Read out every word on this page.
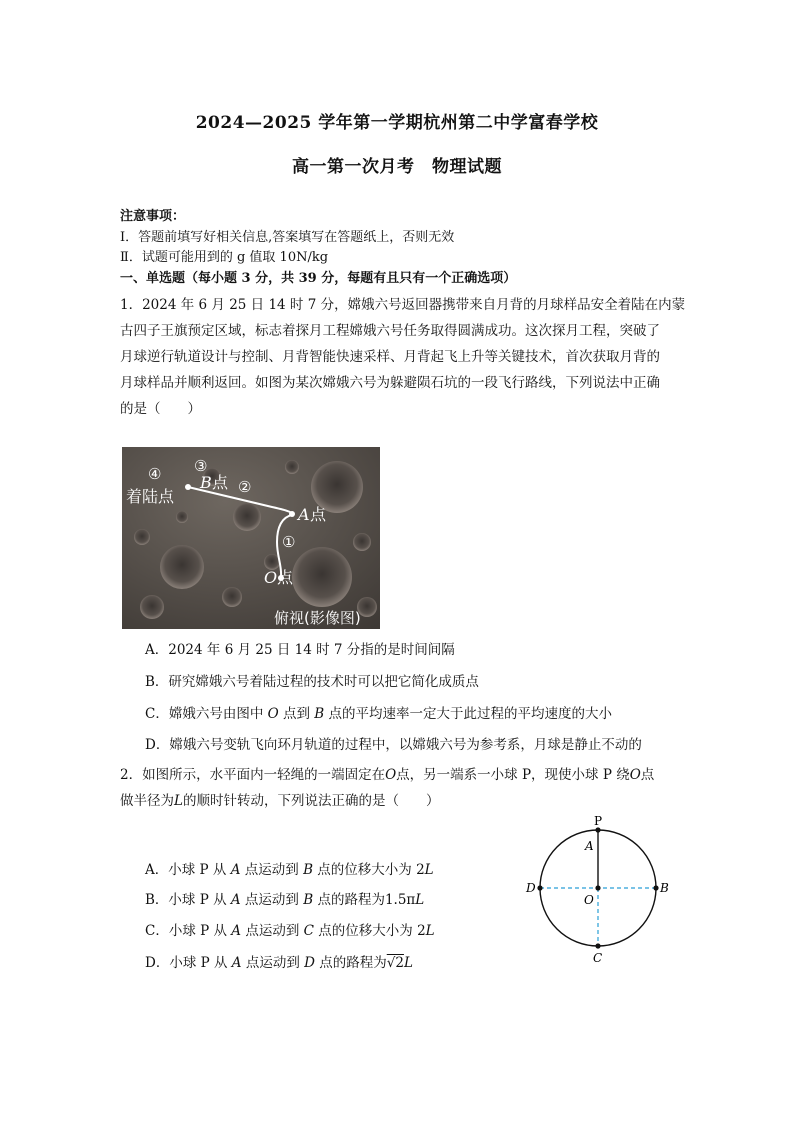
2024—2025 学年第一学期杭州第二中学富春学校
高一第一次月考　物理试题
注意事项：
Ⅰ．答题前填写好相关信息,答案填写在答题纸上，否则无效
Ⅱ．试题可能用到的 g 值取 10N/kg
一、单选题（每小题 3 分，共 39 分，每题有且只有一个正确选项）
1．2024 年 6 月 25 日 14 时 7 分，嫦娥六号返回器携带来自月背的月球样品安全着陆在内蒙
古四子王旗预定区域，标志着探月工程嫦娥六号任务取得圆满成功。这次探月工程，突破了
月球逆行轨道设计与控制、月背智能快速采样、月背起飞上升等关键技术，首次获取月背的
月球样品并顺利返回。如图为某次嫦娥六号为躲避陨石坑的一段飞行路线，下列说法中正确
的是（　　）
④ ③
②
①
着陆点
B 点
A 点
O 点
俯视(影像图)
A．2024 年 6 月 25 日 14 时 7 分指的是时间间隔
B．研究嫦娥六号着陆过程的技术时可以把它简化成质点
C．嫦娥六号由图中 O 点到 B 点的平均速率一定大于此过程的平均速度的大小
D．嫦娥六号变轨飞向环月轨道的过程中，以嫦娥六号为参考系，月球是静止不动的
2．如图所示，水平面内一轻绳的一端固定在O点，另一端系一小球 P，现使小球 P 绕O点
做半径为L的顺时针转动，下列说法正确的是（　　）
A．小球 P 从 A 点运动到 B 点的位移大小为 2L
B．小球 P 从 A 点运动到 B 点的路程为1.5πL
C．小球 P 从 A 点运动到 C 点的位移大小为 2L
D．小球 P 从 A 点运动到 D 点的路程为√2L
P
A
B
D
O
C
